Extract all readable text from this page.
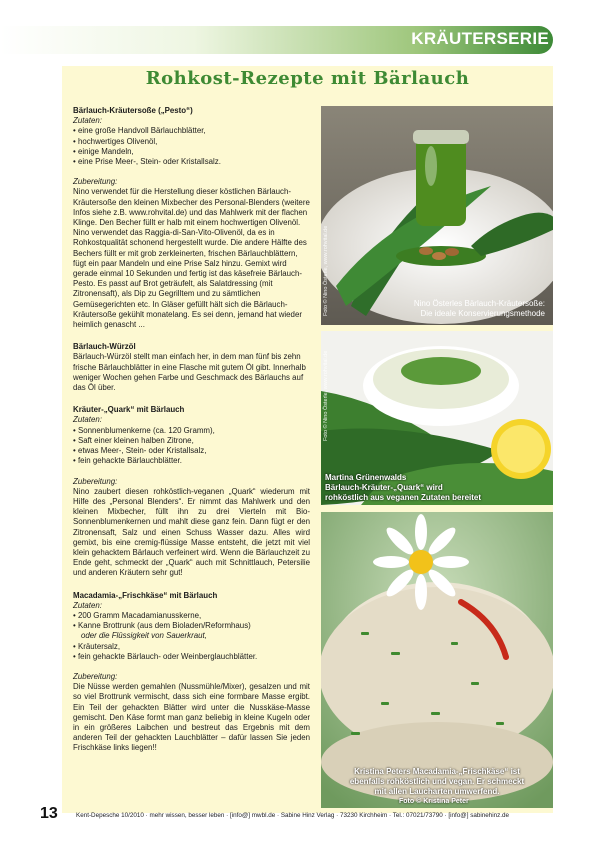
KRÄUTERSERIE
Rohkost-Rezepte mit Bärlauch

Bärlauch-Kräutersoße („Pesto“)

Zutaten:

• eine große Handvoll Bärlauchblätter,

• hochwertiges Olivenöl,

• einige Mandeln,

• eine Prise Meer-, Stein- oder Kristallsalz.

Zubereitung:

Nino verwendet für die Herstellung dieser köstlichen Bärlauch-Kräutersoße den kleinen Mixbecher des Personal-Blenders (weitere Infos siehe z.B. www.rohvital.de) und das Mahlwerk mit der flachen Klinge. Den Becher füllt er halb mit einem hochwertigen Olivenöl. Nino verwendet das Raggia-di-San-Vito-Olivenöl, da es in Rohkostqualität schonend hergestellt wurde. Die andere Hälfte des Bechers füllt er mit grob zerkleinerten, frischen Bärlauchblättern, fügt ein paar Mandeln und eine Prise Salz hinzu. Gemixt wird gerade einmal 10 Sekunden und fertig ist das käsefreie Bärlauch-Pesto. Es passt auf Brot geträufelt, als Salatdressing (mit Zitronensaft), als Dip zu Gegrilltem und zu sämtlichen Gemüsegerichten etc. In Gläser gefüllt hält sich die Bärlauch-Kräutersoße gekühlt monatelang. Es sei denn, jemand hat wieder heimlich genascht ...

Bärlauch-Würzöl

Bärlauch-Würzöl stellt man einfach her, in dem man fünf bis zehn frische Bärlauchblätter in eine Flasche mit gutem Öl gibt. Innerhalb weniger Wochen gehen Farbe und Geschmack des Bärlauchs auf das Öl über.

Kräuter-„Quark“ mit Bärlauch

Zutaten:

• Sonnenblumenkerne (ca. 120 Gramm),

• Saft einer kleinen halben Zitrone,

• etwas Meer-, Stein- oder Kristallsalz,

• fein gehackte Bärlauchblätter.

Zubereitung:

Nino zaubert diesen rohköstlich-veganen „Quark“ wiederum mit Hilfe des „Personal Blenders“. Er nimmt das Mahlwerk und den kleinen Mixbecher, füllt ihn zu drei Vierteln mit Bio-Sonnenblumenkernen und mahlt diese ganz fein. Dann fügt er den Zitronensaft, Salz und einen Schuss Wasser dazu. Alles wird gemixt, bis eine cremig-flüssige Masse entsteht, die jetzt mit viel klein gehacktem Bärlauch verfeinert wird. Wenn die Bärlauchzeit zu Ende geht, schmeckt der „Quark“ auch mit Schnittlauch, Petersilie und anderen Kräutern sehr gut!

Macadamia-„Frischkäse“ mit Bärlauch

Zutaten:

• 200 Gramm Macadamianusskerne,

• Kanne Brottrunk (aus dem Bioladen/Reformhaus)

oder die Flüssigkeit von Sauerkraut,

• Kräutersalz,

• fein gehackte Bärlauch- oder Weinberglauchblätter.

Zubereitung:

Die Nüsse werden gemahlen (Nussmühle/Mixer), gesalzen und mit so viel Brottrunk vermischt, dass sich eine formbare Masse ergibt. Ein Teil der gehackten Blätter wird unter die Nusskäse-Masse gemischt. Den Käse formt man ganz beliebig in kleine Kugeln oder in ein größeres Laibchen und bestreut das Ergebnis mit dem anderen Teil der gehackten Lauchblätter – dafür lassen Sie jeden Frischkäse links liegen!!

Nino Österles Bärlauch-Kräutersoße:
Die ideale Konservierungsmethode
Foto © Nino Österle, www.rohvital.de
Martina Grünenwalds
Bärlauch-Kräuter-„Quark“ wird
rohköstlich aus veganen Zutaten bereitet
Foto © Nino Österle, www.rohvital.de
Kristina Peters Macadamia-„Frischkäse“ ist
ebenfalls rohköstlich und vegan. Er schmeckt
mit allen Laucharten umwerfend.
Foto © Kristina Peter
13	Kent-Depesche 10/2010 · mehr wissen, besser leben · [info@] mwbl.de · Sabine Hinz Verlag · 73230 Kirchheim · Tel.: 07021/73790 · [info@] sabinehinz.de
